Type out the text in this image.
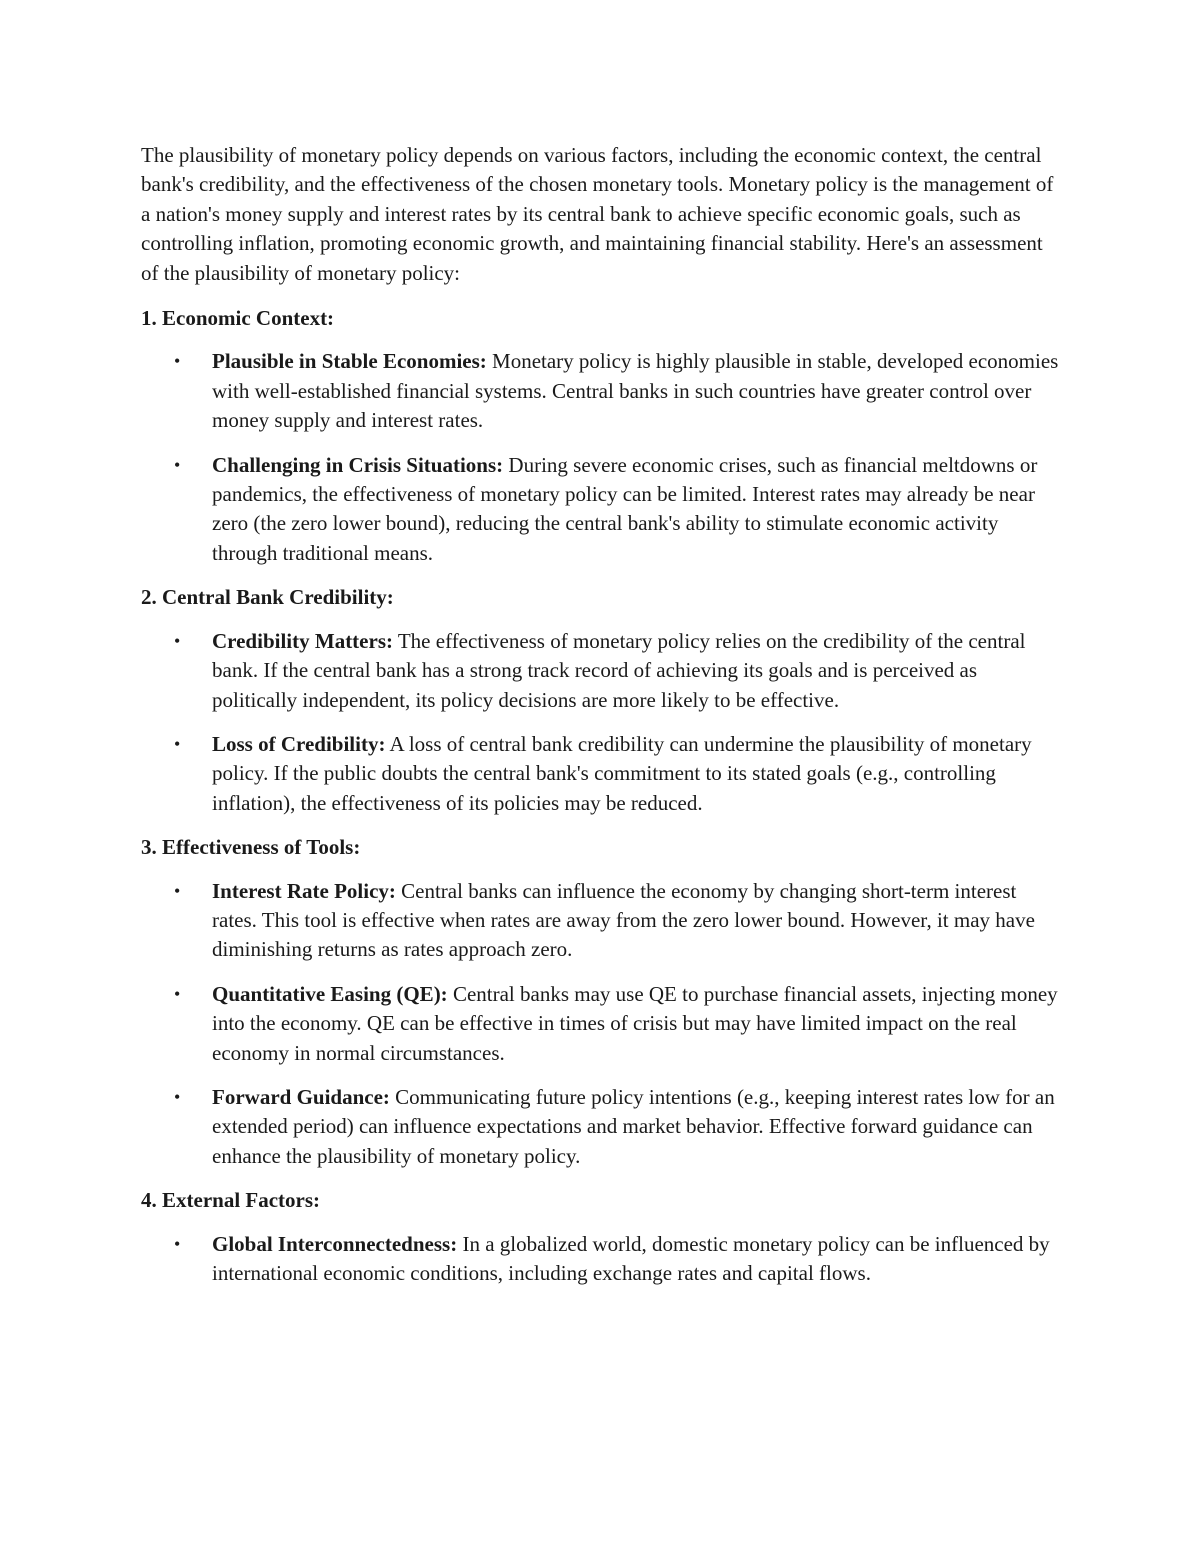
The plausibility of monetary policy depends on various factors, including the economic context, the central bank's credibility, and the effectiveness of the chosen monetary tools. Monetary policy is the management of a nation's money supply and interest rates by its central bank to achieve specific economic goals, such as controlling inflation, promoting economic growth, and maintaining financial stability. Here's an assessment of the plausibility of monetary policy:

1. Economic Context:
• Plausible in Stable Economies: Monetary policy is highly plausible in stable, developed economies with well-established financial systems. Central banks in such countries have greater control over money supply and interest rates.
• Challenging in Crisis Situations: During severe economic crises, such as financial meltdowns or pandemics, the effectiveness of monetary policy can be limited. Interest rates may already be near zero (the zero lower bound), reducing the central bank's ability to stimulate economic activity through traditional means.
2. Central Bank Credibility:
• Credibility Matters: The effectiveness of monetary policy relies on the credibility of the central bank. If the central bank has a strong track record of achieving its goals and is perceived as politically independent, its policy decisions are more likely to be effective.
• Loss of Credibility: A loss of central bank credibility can undermine the plausibility of monetary policy. If the public doubts the central bank's commitment to its stated goals (e.g., controlling inflation), the effectiveness of its policies may be reduced.
3. Effectiveness of Tools:
• Interest Rate Policy: Central banks can influence the economy by changing short-term interest rates. This tool is effective when rates are away from the zero lower bound. However, it may have diminishing returns as rates approach zero.
• Quantitative Easing (QE): Central banks may use QE to purchase financial assets, injecting money into the economy. QE can be effective in times of crisis but may have limited impact on the real economy in normal circumstances.
• Forward Guidance: Communicating future policy intentions (e.g., keeping interest rates low for an extended period) can influence expectations and market behavior. Effective forward guidance can enhance the plausibility of monetary policy.
4. External Factors:
• Global Interconnectedness: In a globalized world, domestic monetary policy can be influenced by international economic conditions, including exchange rates and capital flows.
